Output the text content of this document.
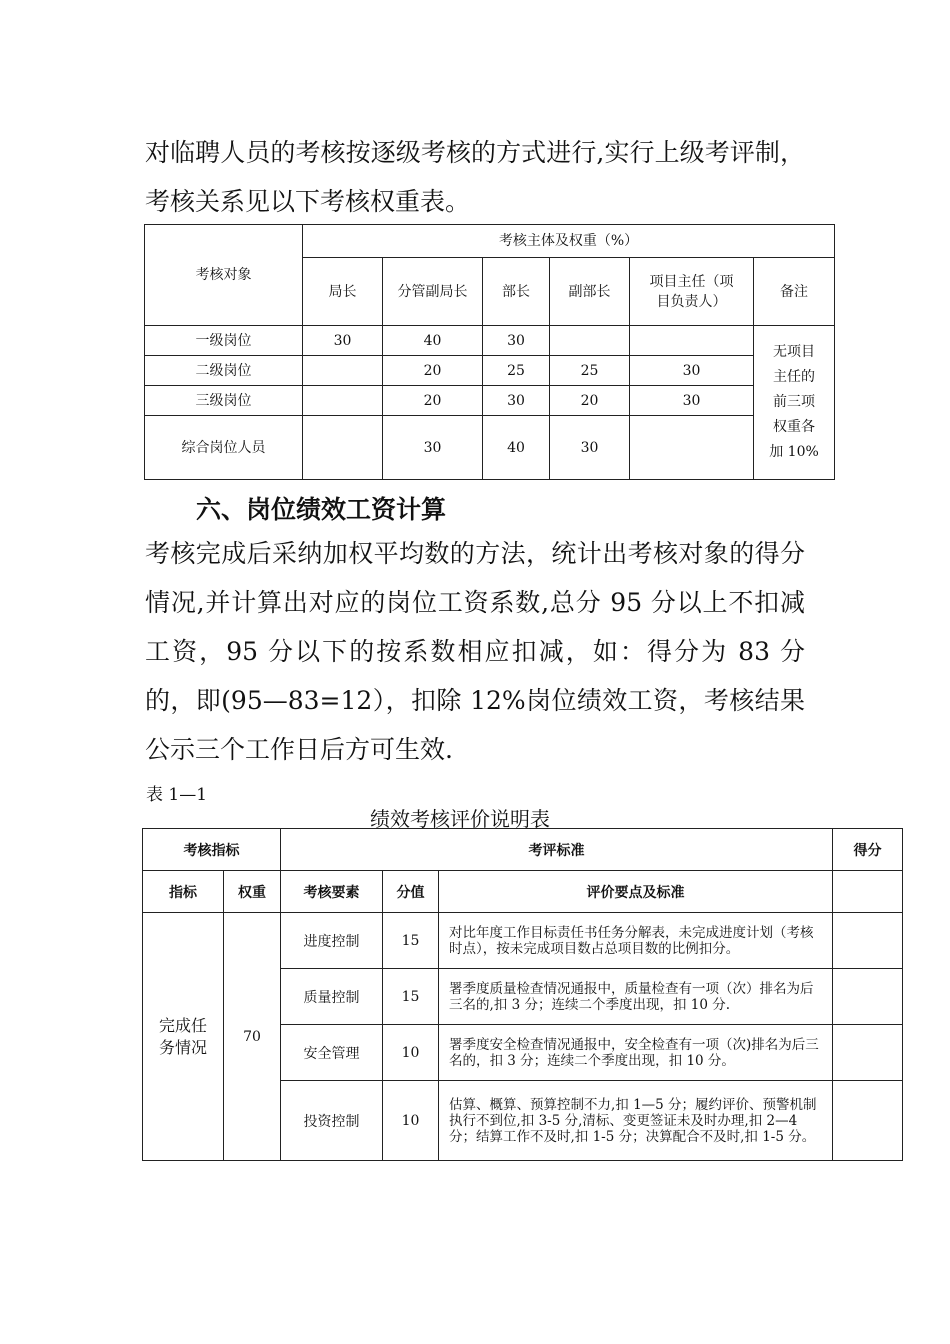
对临聘人员的考核按逐级考核的方式进行,实行上级考评制，考核关系见以下考核权重表。

考核对象	考核主体及权重（%）					
	局长	分管副局长	部长	副部长	项目主任（项目负责人）	备注
一级岗位	30	40	30			无项目主任的前三项权重各加 10%
二级岗位		20	25	25	30	
三级岗位		20	30	20	30	
综合岗位人员		30	40	30		
六、岗位绩效工资计算

考核完成后采纳加权平均数的方法，统计出考核对象的得分情况,并计算出对应的岗位工资系数,总分 95 分以上不扣减工资，95 分以下的按系数相应扣减，如：得分为 83 分的，即(95—83=12），扣除 12%岗位绩效工资，考核结果公示三个工作日后方可生效.

表 1—1

绩效考核评价说明表

考核指标		考评标准			得分
指标	权重	考核要素	分值	评价要点及标准	
完成任务情况	70	进度控制	15	对比年度工作目标责任书任务分解表，未完成进度计划（考核时点），按未完成项目数占总项目数的比例扣分。	
		质量控制	15	署季度质量检查情况通报中，质量检查有一项（次）排名为后三名的,扣 3 分；连续二个季度出现，扣 10 分.	
		安全管理	10	署季度安全检查情况通报中，安全检查有一项（次)排名为后三名的，扣 3 分；连续二个季度出现，扣 10 分。	
		投资控制	10	估算、概算、预算控制不力,扣 1—5 分；履约评价、预警机制执行不到位,扣 3-5 分,清标、变更签证未及时办理,扣 2—4 分；结算工作不及时,扣 1-5 分；决算配合不及时,扣 1-5 分。	
